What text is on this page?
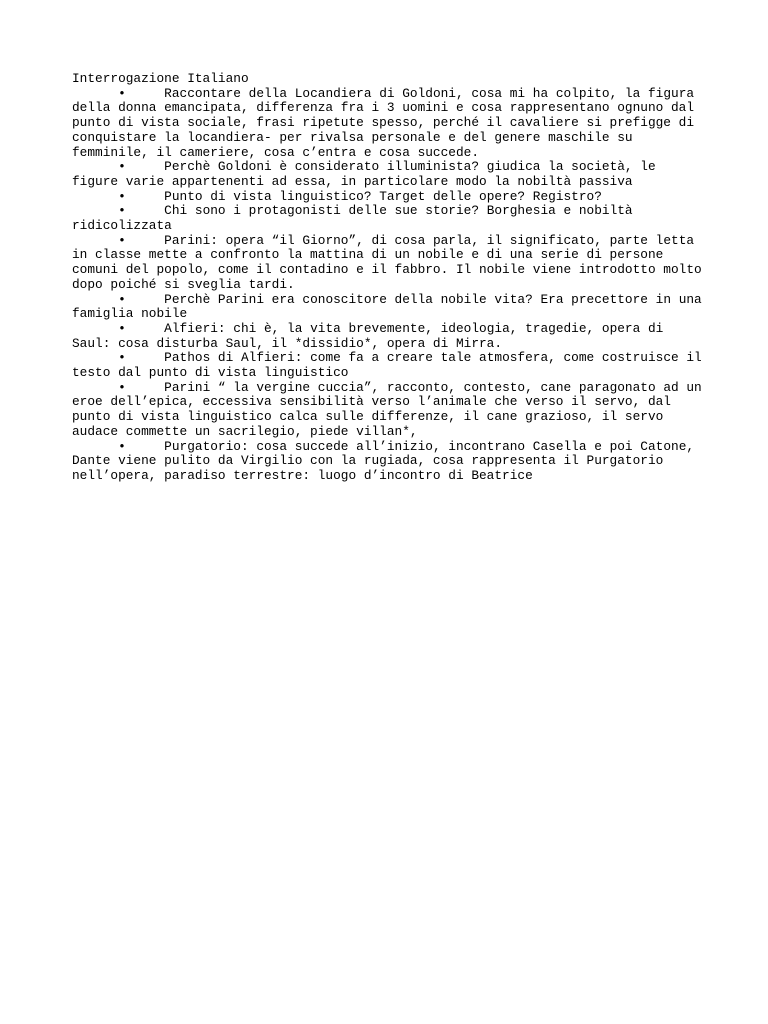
Interrogazione Italiano
•	Raccontare della Locandiera di Goldoni, cosa mi ha colpito, la figura della donna emancipata, differenza fra i 3 uomini e cosa rappresentano ognuno dal punto di vista sociale, frasi ripetute spesso, perché il cavaliere si prefigge di conquistare la locandiera- per rivalsa personale e del genere maschile su femminile, il cameriere, cosa c’entra e cosa succede.
•	Perchè Goldoni è considerato illuminista? giudica la società, le figure varie appartenenti ad essa, in particolare modo la nobiltà passiva
•	Punto di vista linguistico? Target delle opere? Registro?
•	Chi sono i protagonisti delle sue storie? Borghesia e nobiltà ridicolizzata
•	Parini: opera “il Giorno”, di cosa parla, il significato, parte letta in classe mette a confronto la mattina di un nobile e di una serie di persone comuni del popolo, come il contadino e il fabbro. Il nobile viene introdotto molto dopo poiché si sveglia tardi.
•	Perchè Parini era conoscitore della nobile vita? Era precettore in una famiglia nobile
•	Alfieri: chi è, la vita brevemente, ideologia, tragedie, opera di Saul: cosa disturba Saul, il *dissidio*, opera di Mirra.
•	Pathos di Alfieri: come fa a creare tale atmosfera, come costruisce il testo dal punto di vista linguistico
•	Parini “ la vergine cuccia”, racconto, contesto, cane paragonato ad un eroe dell’epica, eccessiva sensibilità verso l’animale che verso il servo, dal punto di vista linguistico calca sulle differenze, il cane grazioso, il servo audace commette un sacrilegio, piede villan*,
•	Purgatorio: cosa succede all’inizio, incontrano Casella e poi Catone, Dante viene pulito da Virgilio con la rugiada, cosa rappresenta il Purgatorio nell’opera, paradiso terrestre: luogo d’incontro di Beatrice
